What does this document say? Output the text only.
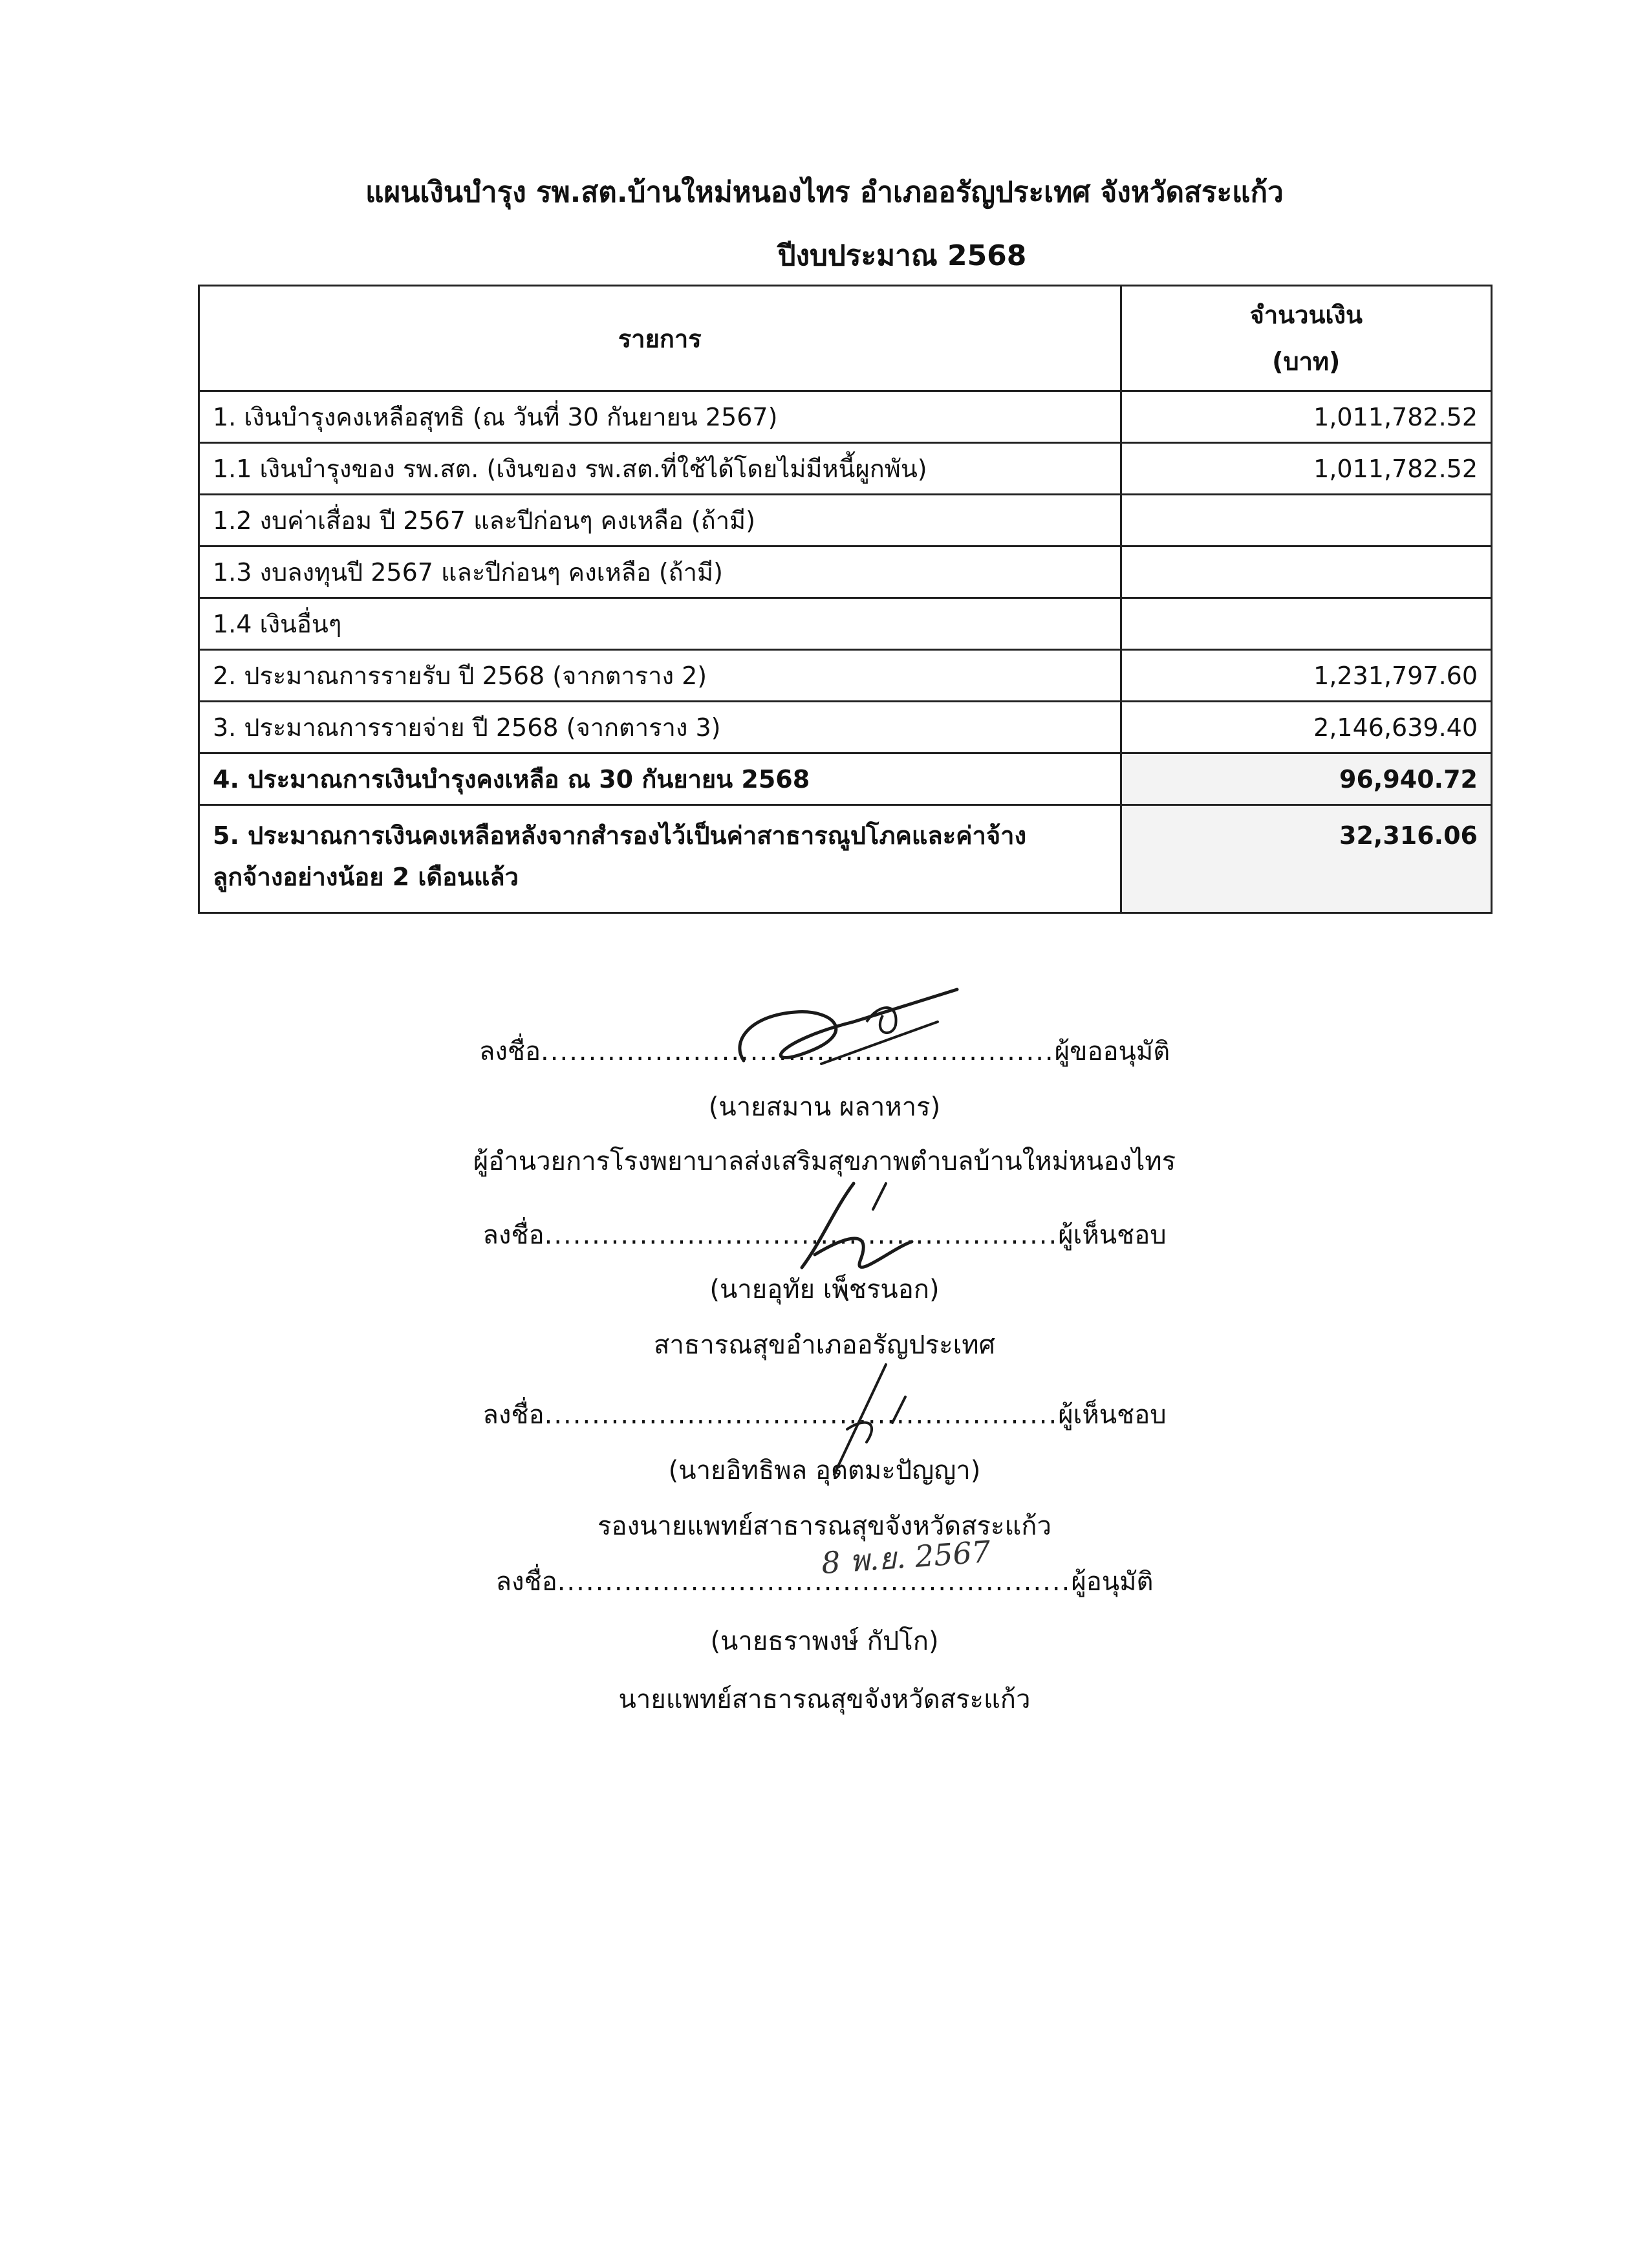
แผนเงินบำรุง รพ.สต.บ้านใหม่หนองไทร อำเภออรัญประเทศ จังหวัดสระแก้ว
ปีงบประมาณ 2568
รายการ	จำนวนเงิน
(บาท)

1. เงินบำรุงคงเหลือสุทธิ (ณ วันที่ 30 กันยายน 2567)	1,011,782.52
1.1 เงินบำรุงของ รพ.สต. (เงินของ รพ.สต.ที่ใช้ได้โดยไม่มีหนี้ผูกพัน)	1,011,782.52
1.2 งบค่าเสื่อม ปี 2567 และปีก่อนๆ คงเหลือ (ถ้ามี)	
1.3 งบลงทุนปี 2567 และปีก่อนๆ คงเหลือ (ถ้ามี)	
1.4 เงินอื่นๆ	
2. ประมาณการรายรับ ปี 2568 (จากตาราง 2)	1,231,797.60
3. ประมาณการรายจ่าย ปี 2568 (จากตาราง 3)	2,146,639.40
4. ประมาณการเงินบำรุงคงเหลือ ณ 30 กันยายน 2568	96,940.72

5. ประมาณการเงินคงเหลือหลังจากสำรองไว้เป็นค่าสาธารณูปโภคและค่าจ้าง
ลูกจ้างอย่างน้อย 2 เดือนแล้ว	32,316.06
ลงชื่อ......................................................ผู้ขออนุมัติ
(นายสมาน ผลาหาร)
ผู้อำนวยการโรงพยาบาลส่งเสริมสุขภาพตำบลบ้านใหม่หนองไทร
ลงชื่อ......................................................ผู้เห็นชอบ
(นายอุทัย เพ็ชรนอก)
สาธารณสุขอำเภออรัญประเทศ
ลงชื่อ......................................................ผู้เห็นชอบ
(นายอิทธิพล อุตตมะปัญญา)
รองนายแพทย์สาธารณสุขจังหวัดสระแก้ว
ลงชื่อ......................................................ผู้อนุมัติ
(นายธราพงษ์ กัปโก)
นายแพทย์สาธารณสุขจังหวัดสระแก้ว
8 พ.ย. 2567
